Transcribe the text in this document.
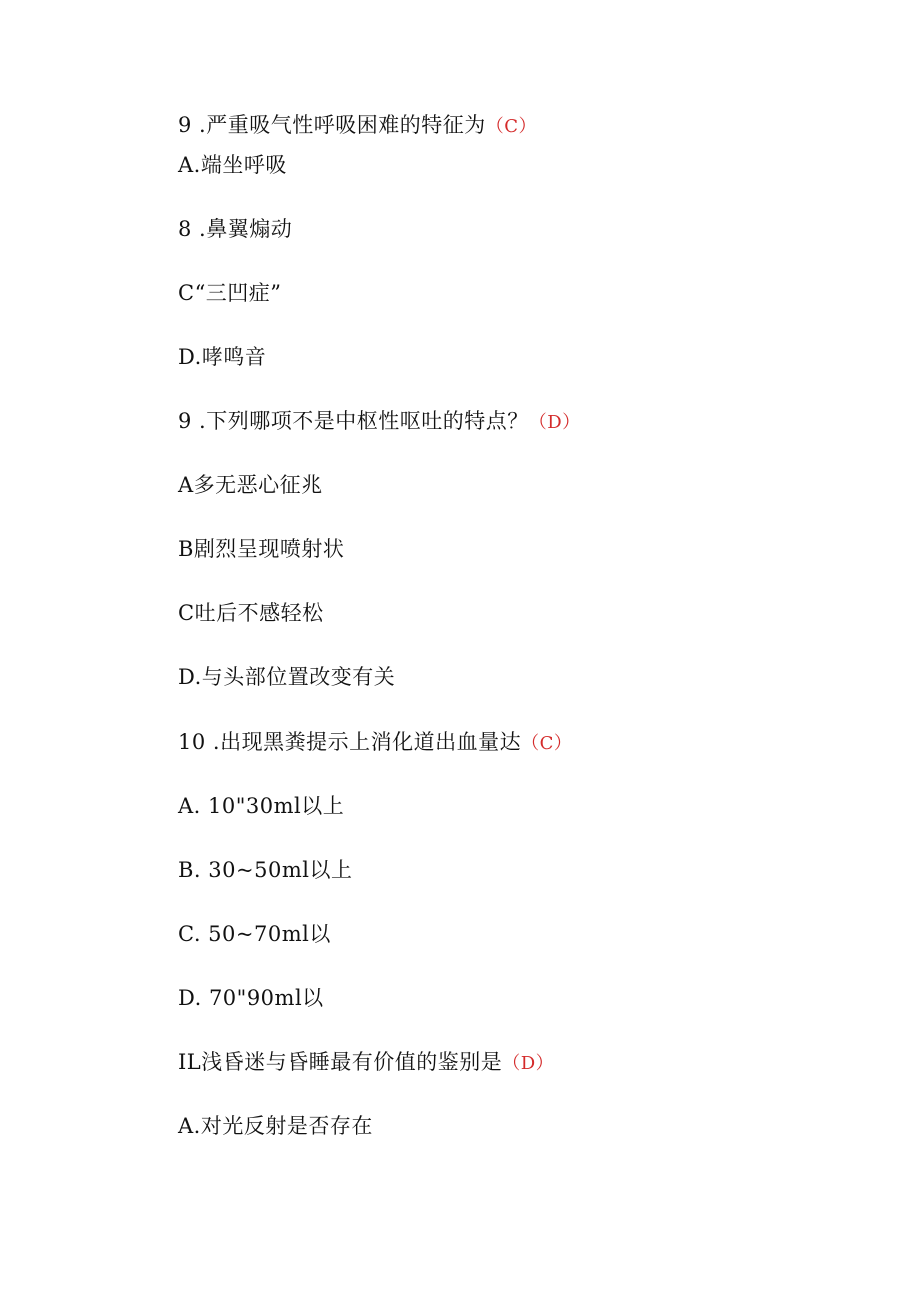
9 .严重吸气性呼吸困难的特征为（C）
A.端坐呼吸
8 .鼻翼煽动
C“三凹症”
D.哮鸣音
9 .下列哪项不是中枢性呕吐的特点？（D）
A多无恶心征兆
B剧烈呈现喷射状
C吐后不感轻松
D.与头部位置改变有关
10 .出现黑粪提示上消化道出血量达（C）
A. 10"30ml以上
B. 30~50ml以上
C. 50~70ml以
D. 70"90ml以
IL浅昏迷与昏睡最有价值的鉴别是（D）
A.对光反射是否存在
